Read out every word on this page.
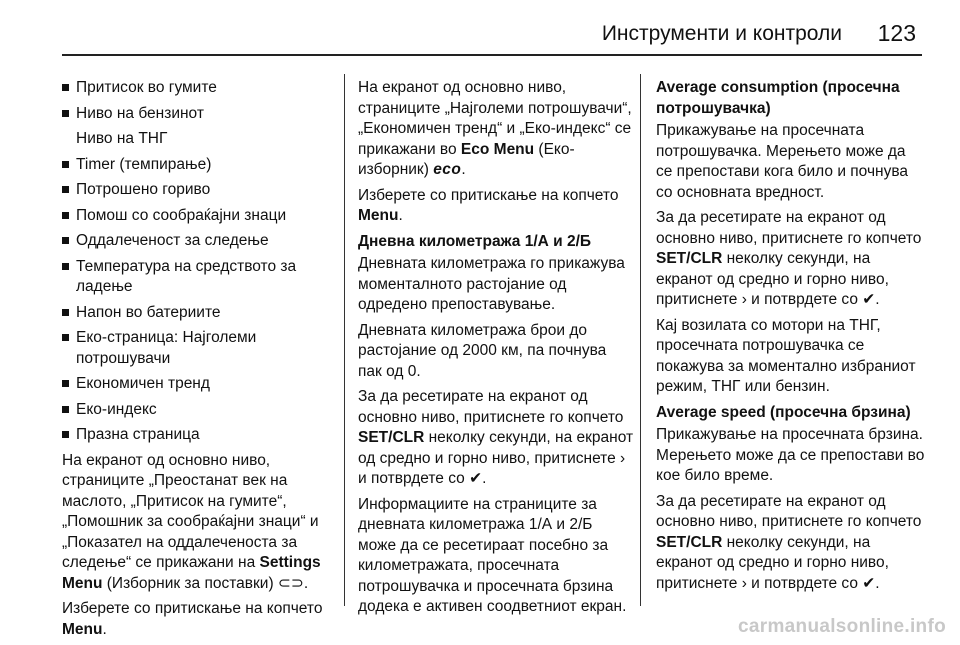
Инструменти и контроли 123
Притисок во гумите
Ниво на бензинот
Ниво на ТНГ
Timer (темпирање)
Потрошено гориво
Помош со сообраќајни знаци
Оддалеченост за следење
Температура на средството за ладење
Напон во батериите
Еко-страница: Најголеми потрошувачи
Економичен тренд
Еко-индекс
Празна страница

На екранот од основно ниво, страниците „Преостанат век на маслото, „Притисок на гумите“, „Помошник за сообраќајни знаци“ и „Показател на оддалеченоста за следење“ се прикажани на Settings Menu (Изборник за поставки) ⊂⊃.

Изберете со притискање на копчето Menu.

На екранот од основно ниво, страниците „Најголеми потрошувачи“, „Економичен тренд“ и „Еко-индекс“ се прикажани во Eco Menu (Еко-изборник) eco.

Изберете со притискање на копчето Menu.

Дневна километража 1/А и 2/Б

Дневната километража го прикажува моменталното растојание од одредено препоставување.

Дневната километража брои до растојание од 2000 км, па почнува пак од 0.

За да ресетирате на екранот од основно ниво, притиснете го копчето SET/CLR неколку секунди, на екранот од средно и горно ниво, притиснете › и потврдете со ✔.

Информациите на страниците за дневната километража 1/А и 2/Б може да се ресетираат посебно за километражата, просечната потрошувачка и просечната брзина додека е активен соодветниот екран.

Average consumption (просечна потрошувачка)

Прикажување на просечната потрошувачка. Мерењето може да се препостави кога било и почнува со основната вредност.

За да ресетирате на екранот од основно ниво, притиснете го копчето SET/CLR неколку секунди, на екранот од средно и горно ниво, притиснете › и потврдете со ✔.

Кај возилата со мотори на ТНГ, просечната потрошувачка се покажува за моментално избраниот режим, ТНГ или бензин.

Average speed (просечна брзина)

Прикажување на просечната брзина. Мерењето може да се препостави во кое било време.

За да ресетирате на екранот од основно ниво, притиснете го копчето SET/CLR неколку секунди, на екранот од средно и горно ниво, притиснете › и потврдете со ✔.

carmanualsonline.info
